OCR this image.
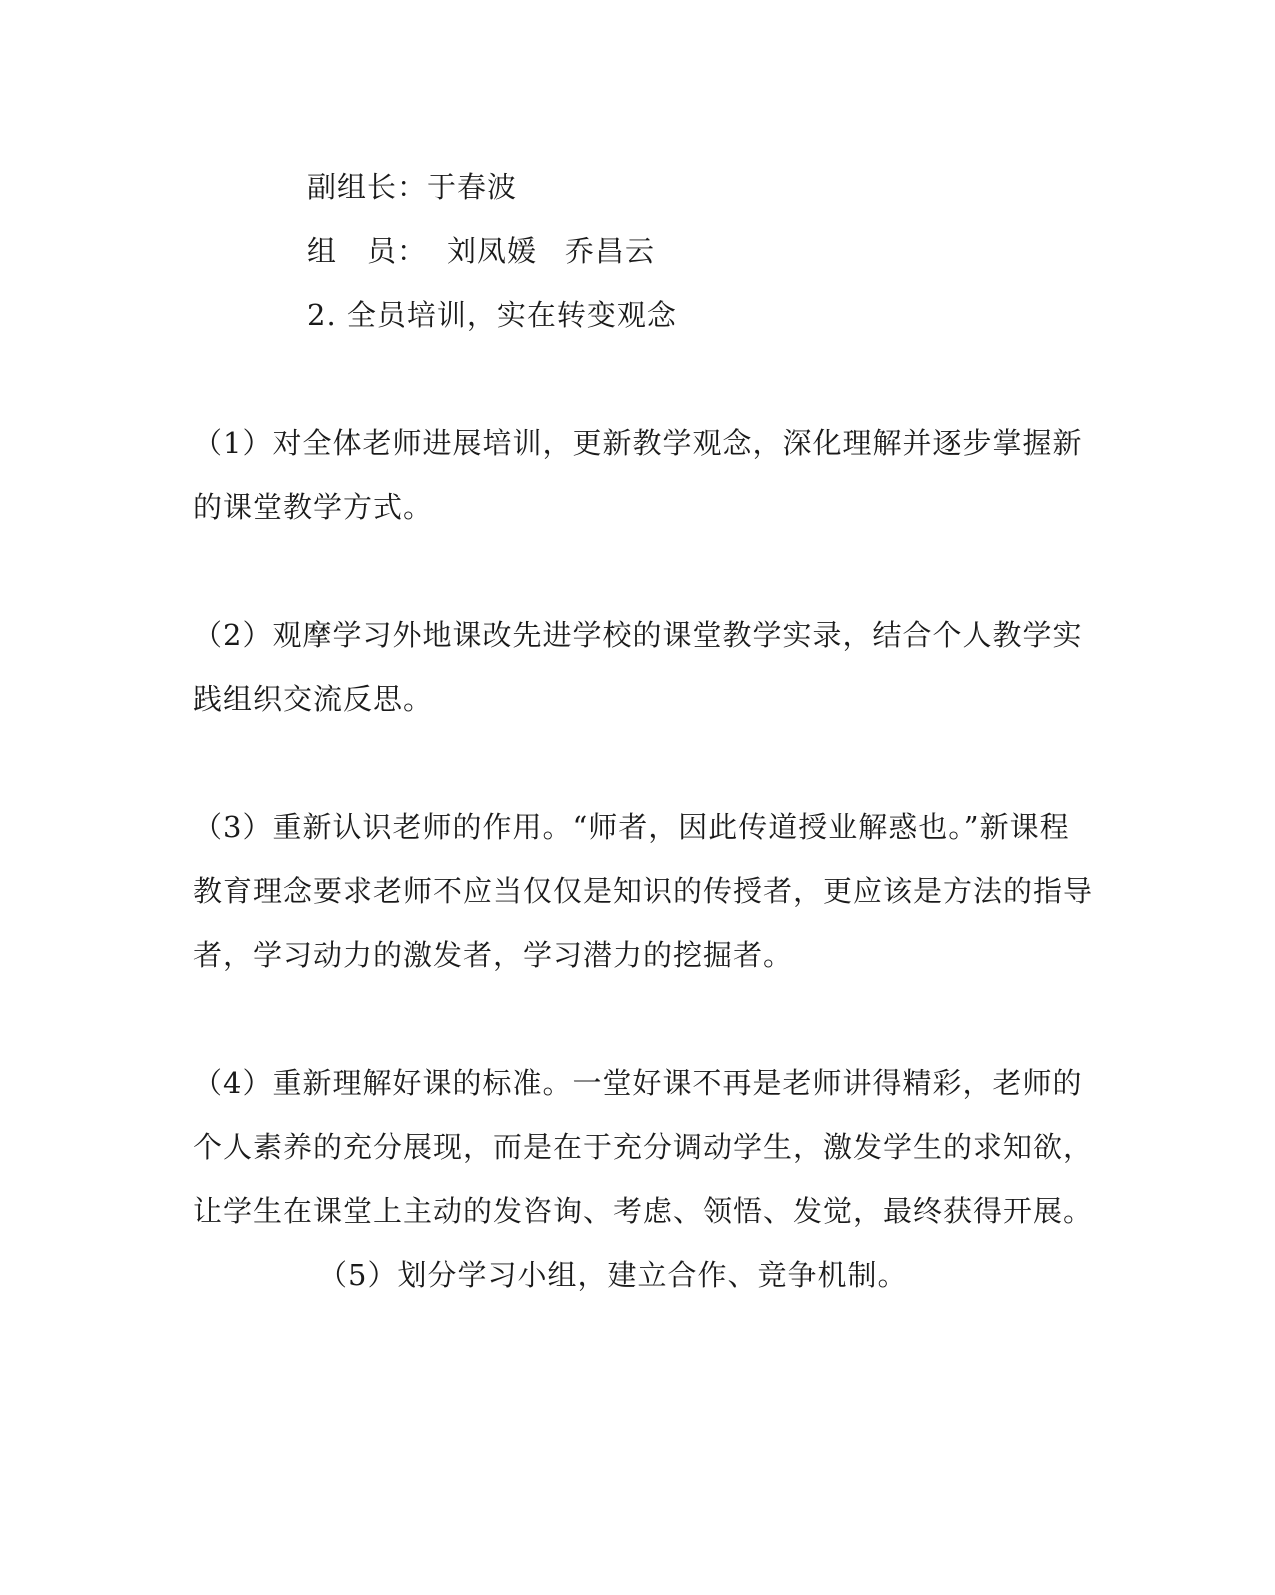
副组长：于春波
组 员： 刘凤媛 乔昌云
2. 全员培训，实在转变观念
（1）对全体老师进展培训，更新教学观念，深化理解并逐步掌握新
的课堂教学方式。
（2）观摩学习外地课改先进学校的课堂教学实录，结合个人教学实
践组织交流反思。
（3）重新认识老师的作用。“师者，因此传道授业解惑也。”新课程
教育理念要求老师不应当仅仅是知识的传授者，更应该是方法的指导
者，学习动力的激发者，学习潜力的挖掘者。
（4）重新理解好课的标准。一堂好课不再是老师讲得精彩，老师的
个人素养的充分展现，而是在于充分调动学生，激发学生的求知欲，
让学生在课堂上主动的发咨询、考虑、领悟、发觉，最终获得开展。
（5）划分学习小组，建立合作、竞争机制。
